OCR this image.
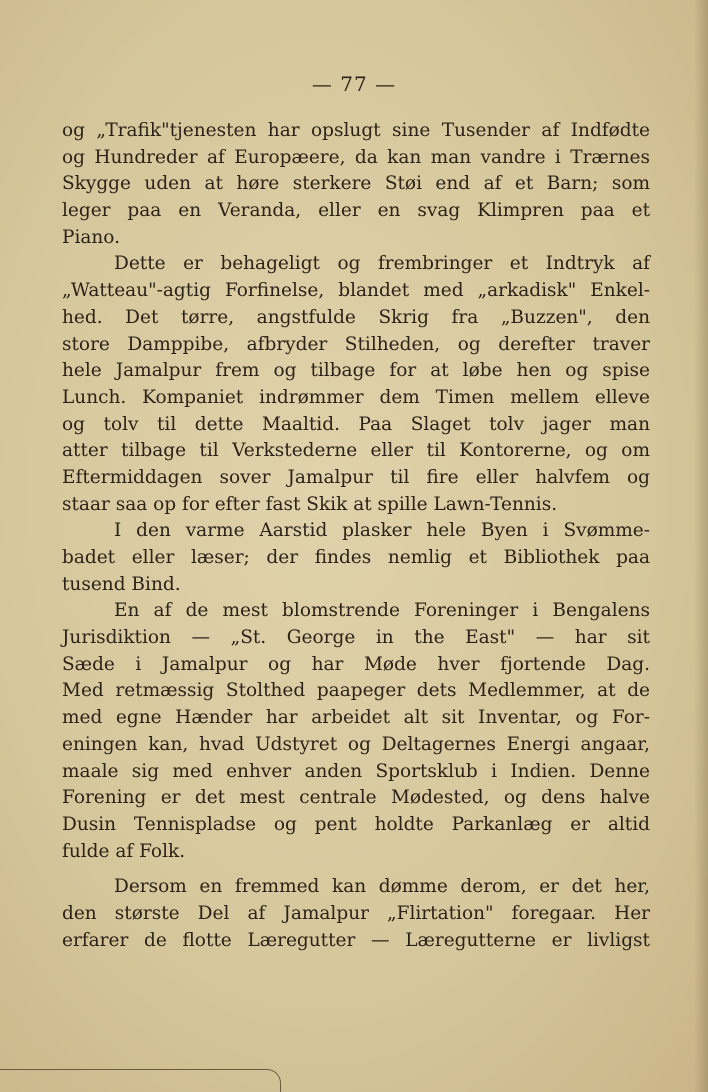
— 77 —
og „Trafik"tjenesten har opslugt sine Tusender af Indfødte
og Hundreder af Europæere, da kan man vandre i Trærnes
Skygge uden at høre sterkere Støi end af et Barn; som
leger paa en Veranda, eller en svag Klimpren paa et
Piano.
Dette er behageligt og frembringer et Indtryk af
„Watteau"-agtig Forfinelse, blandet med „arkadisk" Enkel-
hed. Det tørre, angstfulde Skrig fra „Buzzen", den
store Damppibe, afbryder Stilheden, og derefter traver
hele Jamalpur frem og tilbage for at løbe hen og spise
Lunch. Kompaniet indrømmer dem Timen mellem elleve
og tolv til dette Maaltid. Paa Slaget tolv jager man
atter tilbage til Verkstederne eller til Kontorerne, og om
Eftermiddagen sover Jamalpur til fire eller halvfem og
staar saa op for efter fast Skik at spille Lawn-Tennis.
I den varme Aarstid plasker hele Byen i Svømme-
badet eller læser; der findes nemlig et Bibliothek paa
tusend Bind.
En af de mest blomstrende Foreninger i Bengalens
Jurisdiktion — „St. George in the East" — har sit
Sæde i Jamalpur og har Møde hver fjortende Dag.
Med retmæssig Stolthed paapeger dets Medlemmer, at de
med egne Hænder har arbeidet alt sit Inventar, og For-
eningen kan, hvad Udstyret og Deltagernes Energi angaar,
maale sig med enhver anden Sportsklub i Indien. Denne
Forening er det mest centrale Mødested, og dens halve
Dusin Tennispladse og pent holdte Parkanlæg er altid
fulde af Folk.
Dersom en fremmed kan dømme derom, er det her,
den største Del af Jamalpur „Flirtation" foregaar. Her
erfarer de flotte Læregutter — Læregutterne er livligst
